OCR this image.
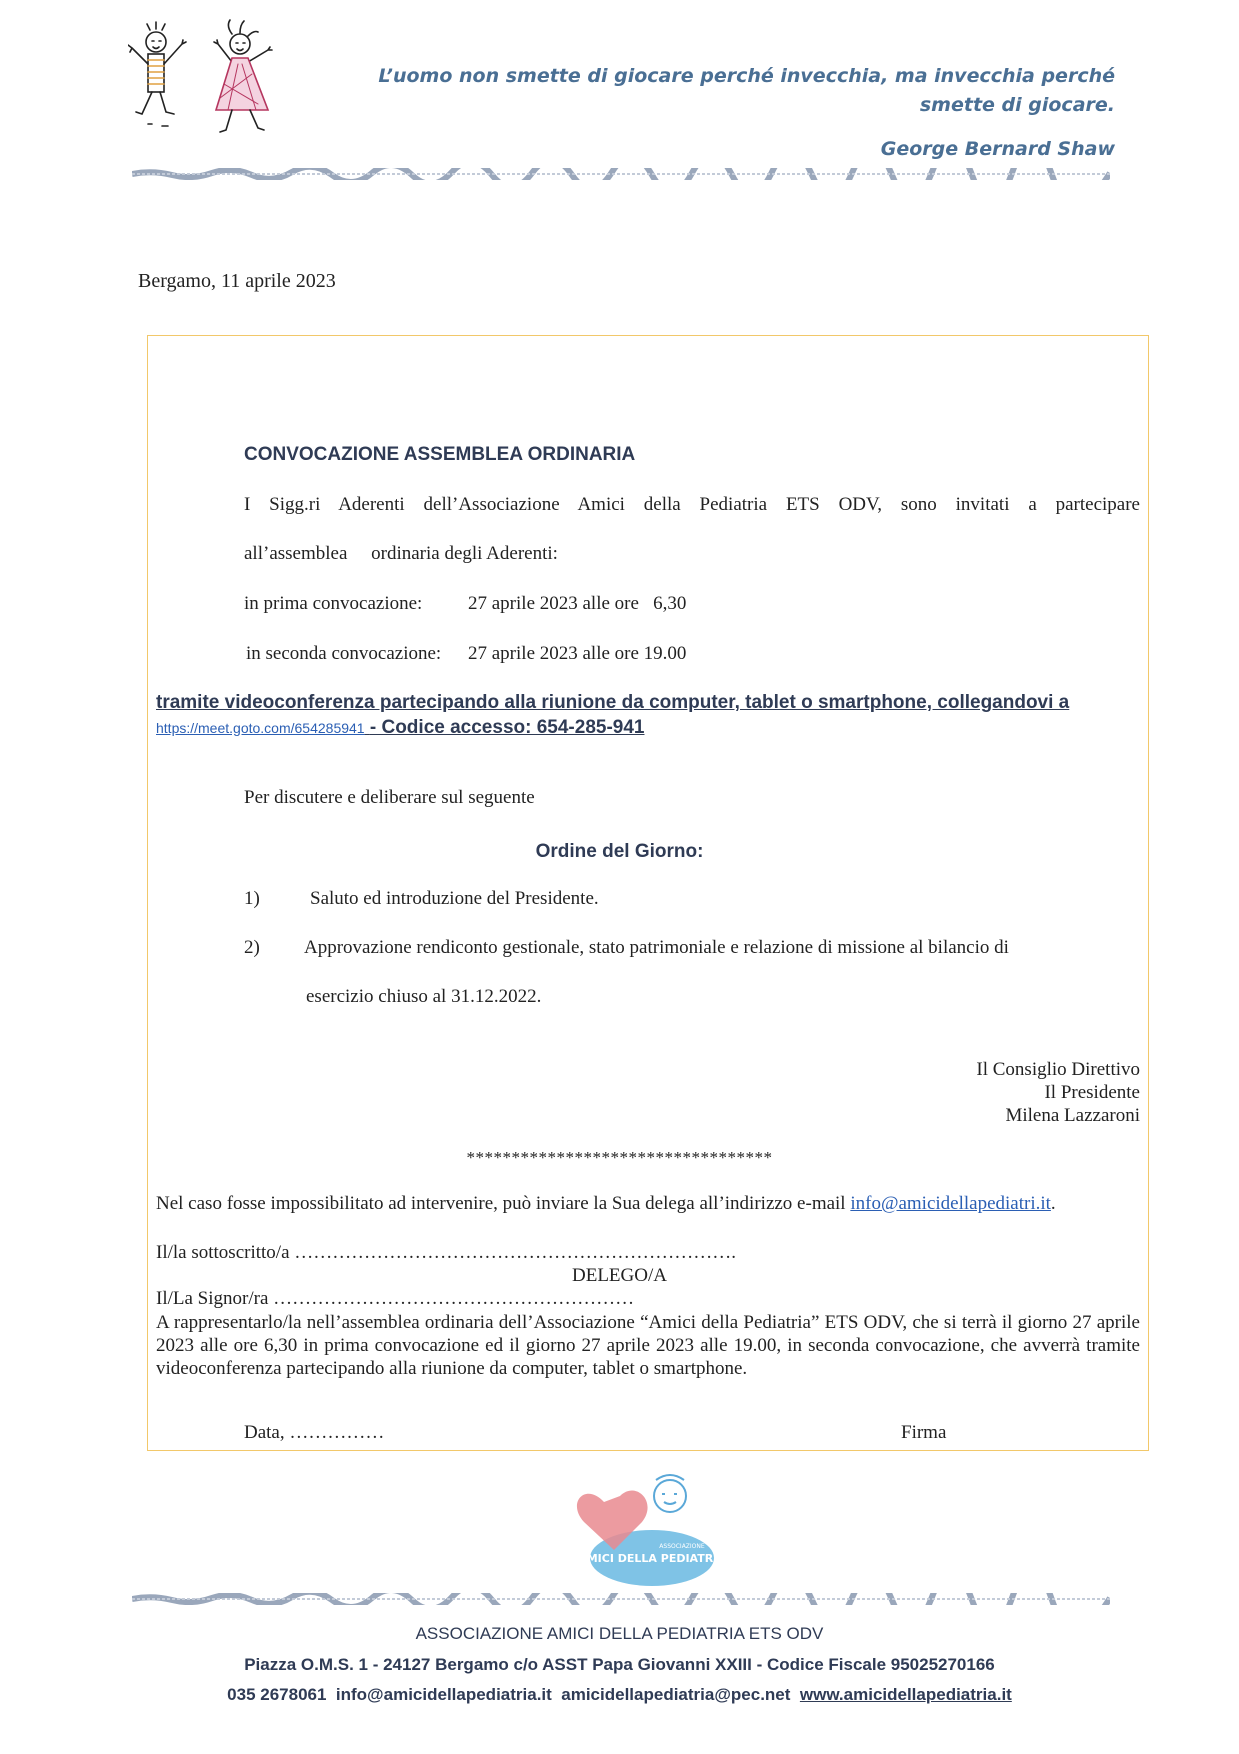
L’uomo non smette di giocare perché invecchia, ma invecchia perché smette di giocare.
George Bernard Shaw
Bergamo, 11 aprile 2023
CONVOCAZIONE ASSEMBLEA ORDINARIA
I Sigg.ri Aderenti dell’Associazione Amici della Pediatria ETS ODV, sono invitati a partecipare
all’assemblea     ordinaria degli Aderenti:
in prima convocazione: 27 aprile 2023 alle ore   6,30
in seconda convocazione: 27 aprile 2023 alle ore 19.00
tramite videoconferenza partecipando alla riunione da computer, tablet o smartphone, collegandovi a https://meet.goto.com/654285941 - Codice accesso: 654-285-941
Per discutere e deliberare sul seguente
Ordine del Giorno:
1)	Saluto ed introduzione del Presidente.
2) Approvazione rendiconto gestionale, stato patrimoniale e relazione di missione al bilancio di
esercizio chiuso al 31.12.2022.
Il Consiglio Direttivo
Il Presidente
Milena Lazzaroni
**********************************
Nel caso fosse impossibilitato ad intervenire, può inviare la Sua delega all’indirizzo e-mail info@amicidellapediatri.it.
Il/la sottoscritto/a …………………………………………………………….
DELEGO/A
Il/La Signor/ra …………………………………………………
A rappresentarlo/la nell’assemblea ordinaria dell’Associazione “Amici della Pediatria” ETS ODV, che si terrà il giorno 27 aprile 2023 alle ore 6,30 in prima convocazione ed il giorno 27 aprile 2023 alle 19.00, in seconda convocazione, che avverrà tramite videoconferenza partecipando alla riunione da computer, tablet o smartphone.
Data, ……………	Firma
ASSOCIAZIONE
AMICI DELLA PEDIATRIA
ASSOCIAZIONE AMICI DELLA PEDIATRIA ETS ODV
Piazza O.M.S. 1 - 24127 Bergamo c/o ASST Papa Giovanni XXIII - Codice Fiscale 95025270166
035 2678061 info@amicidellapediatria.it amicidellapediatria@pec.net www.amicidellapediatria.it
